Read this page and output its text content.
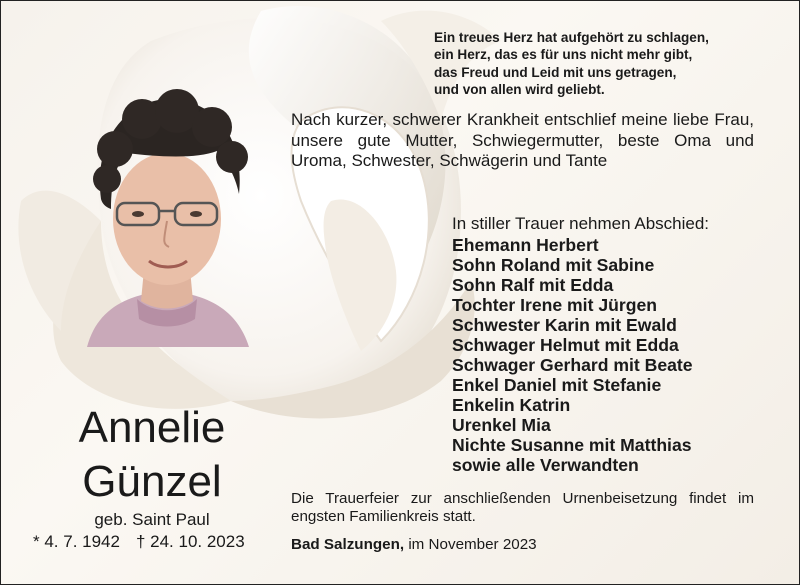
Ein treues Herz hat aufgehört zu schlagen,
ein Herz, das es für uns nicht mehr gibt,
das Freud und Leid mit uns getragen,
und von allen wird geliebt.
Nach kurzer, schwerer Krankheit entschlief meine liebe Frau, unsere gute Mutter, Schwiegermutter, beste Oma und Uroma, Schwester, Schwägerin und Tante
In stiller Trauer nehmen Abschied:
Ehemann Herbert
Sohn Roland mit Sabine
Sohn Ralf mit Edda
Tochter Irene mit Jürgen
Schwester Karin mit Ewald
Schwager Helmut mit Edda
Schwager Gerhard mit Beate
Enkel Daniel mit Stefanie
Enkelin Katrin
Urenkel Mia
Nichte Susanne mit Matthias
sowie alle Verwandten
Annelie
Günzel
geb. Saint Paul
* 4. 7. 1942 † 24. 10. 2023
Die Trauerfeier zur anschließenden Urnenbeisetzung findet im engsten Familienkreis statt.
Bad Salzungen, im November 2023
